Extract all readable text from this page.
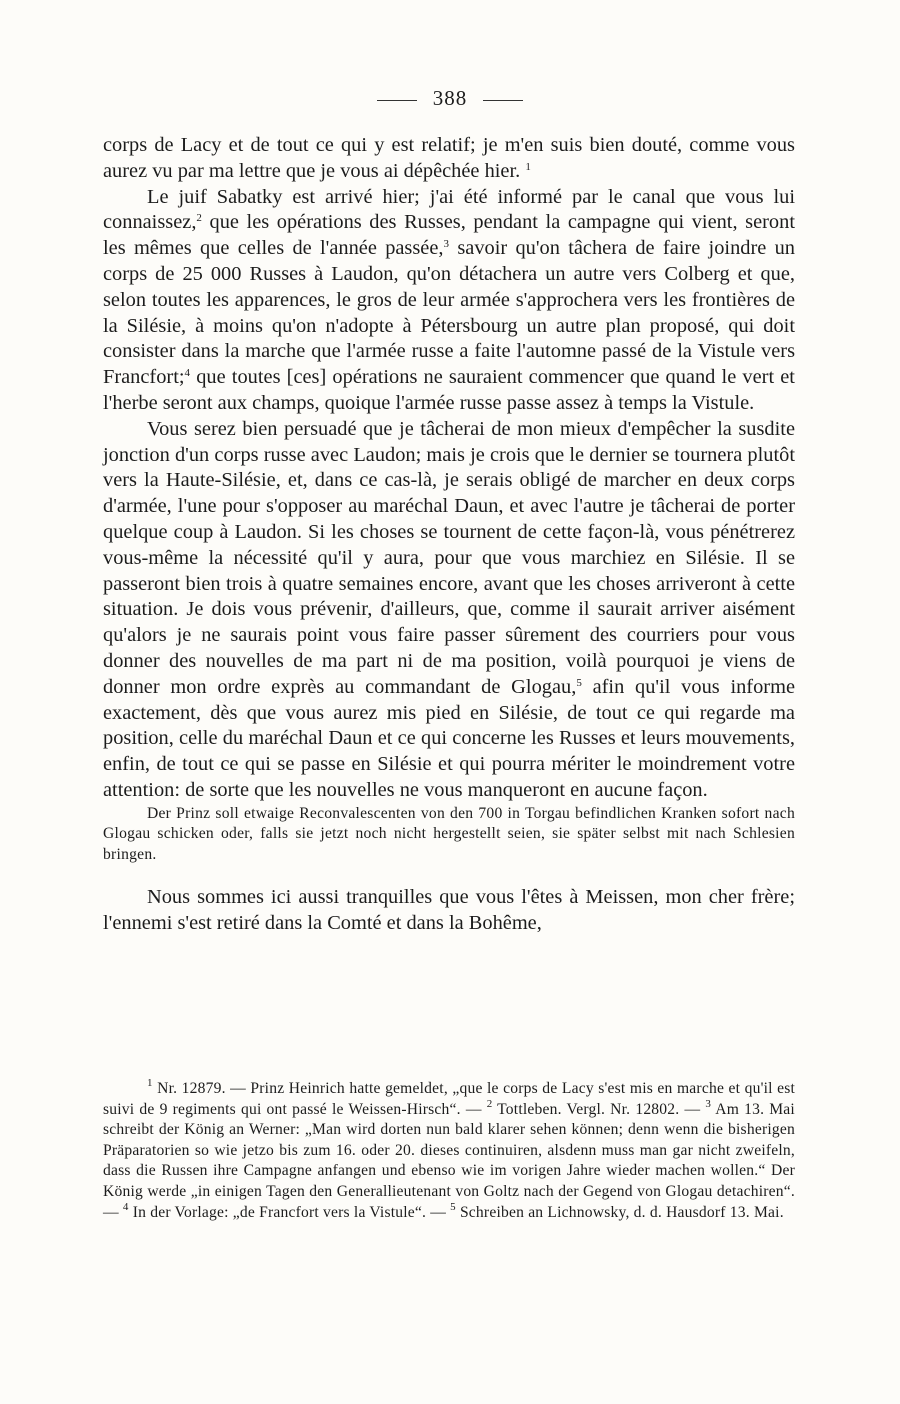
388

corps de Lacy et de tout ce qui y est relatif; je m'en suis bien douté, comme vous aurez vu par ma lettre que je vous ai dépêchée hier. $^1$

Le juif Sabatky est arrivé hier; j'ai été informé par le canal que vous lui connaissez,$^2$ que les opérations des Russes, pendant la campagne qui vient, seront les mêmes que celles de l'année passée,$^3$ savoir qu'on tâchera de faire joindre un corps de 25 000 Russes à Laudon, qu'on détachera un autre vers Colberg et que, selon toutes les apparences, le gros de leur armée s'approchera vers les frontières de la Silésie, à moins qu'on n'adopte à Pétersbourg un autre plan proposé, qui doit consister dans la marche que l'armée russe a faite l'automne passé de la Vistule vers Francfort;$^4$ que toutes [ces] opérations ne sauraient commencer que quand le vert et l'herbe seront aux champs, quoique l'armée russe passe assez à temps la Vistule.

Vous serez bien persuadé que je tâcherai de mon mieux d'empêcher la susdite jonction d'un corps russe avec Laudon; mais je crois que le dernier se tournera plutôt vers la Haute-Silésie, et, dans ce cas-là, je serais obligé de marcher en deux corps d'armée, l'une pour s'opposer au maréchal Daun, et avec l'autre je tâcherai de porter quelque coup à Laudon. Si les choses se tournent de cette façon-là, vous pénétrerez vous-même la nécessité qu'il y aura, pour que vous marchiez en Silésie. Il se passeront bien trois à quatre semaines encore, avant que les choses arriveront à cette situation. Je dois vous prévenir, d'ailleurs, que, comme il saurait arriver aisément qu'alors je ne saurais point vous faire passer sûrement des courriers pour vous donner des nouvelles de ma part ni de ma position, voilà pourquoi je viens de donner mon ordre exprès au commandant de Glogau,$^5$ afin qu'il vous informe exactement, dès que vous aurez mis pied en Silésie, de tout ce qui regarde ma position, celle du maréchal Daun et ce qui concerne les Russes et leurs mouvements, enfin, de tout ce qui se passe en Silésie et qui pourra mériter le moindrement votre attention: de sorte que les nouvelles ne vous manqueront en aucune façon.

Der Prinz soll etwaige Reconvalescenten von den 700 in Torgau befindlichen Kranken sofort nach Glogau schicken oder, falls sie jetzt noch nicht hergestellt seien, sie später selbst mit nach Schlesien bringen.

Nous sommes ici aussi tranquilles que vous l'êtes à Meissen, mon cher frère; l'ennemi s'est retiré dans la Comté et dans la Bohême,

$^1$ Nr. 12879. — Prinz Heinrich hatte gemeldet, „que le corps de Lacy s'est mis en marche et qu'il est suivi de 9 regiments qui ont passé le Weissen-Hirsch“. — $^2$ Tottleben. Vergl. Nr. 12802. — $^3$ Am 13. Mai schreibt der König an Werner: „Man wird dorten nun bald klarer sehen können; denn wenn die bisherigen Präparatorien so wie jetzo bis zum 16. oder 20. dieses continuiren, alsdenn muss man gar nicht zweifeln, dass die Russen ihre Campagne anfangen und ebenso wie im vorigen Jahre wieder machen wollen.“ Der König werde „in einigen Tagen den Generallieutenant von Goltz nach der Gegend von Glogau detachiren“. — $^4$ In der Vorlage: „de Francfort vers la Vistule“. — $^5$ Schreiben an Lichnowsky, d. d. Hausdorf 13. Mai.
